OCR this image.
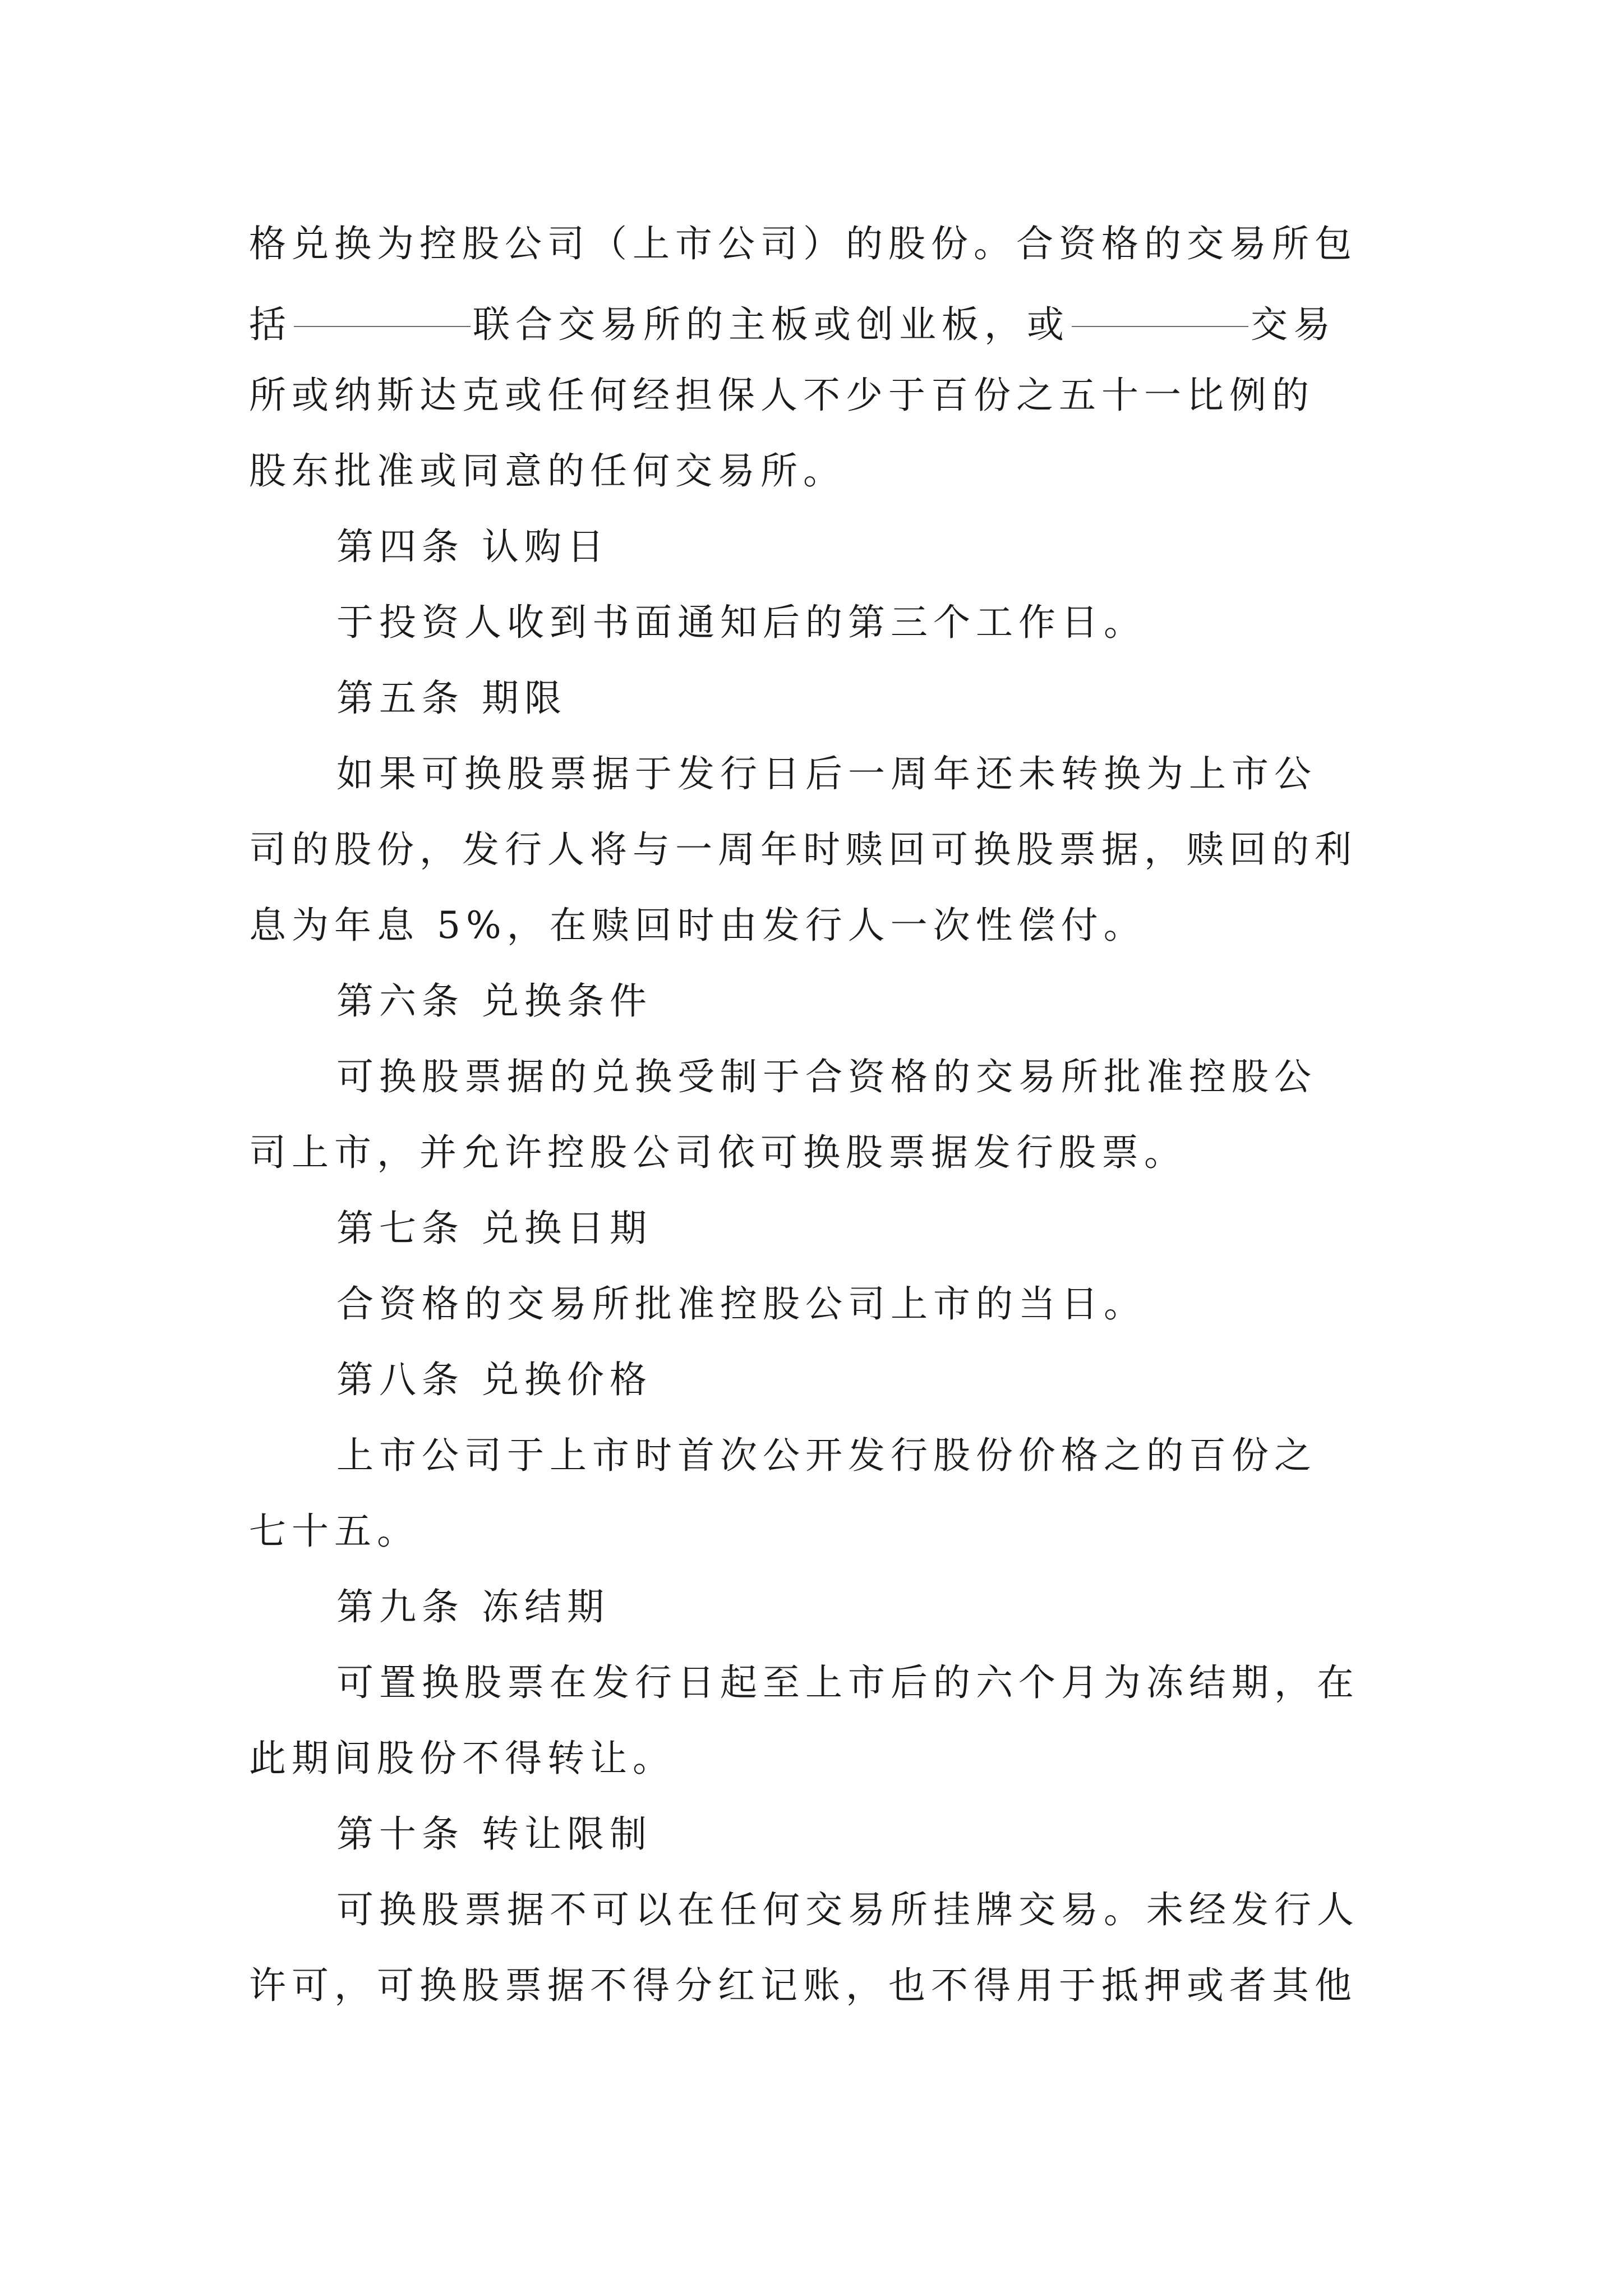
格兑换为控股公司（上市公司）的股份。合资格的交易所包
括	联合交易所的主板或创业板，或	交易
所或纳斯达克或任何经担保人不少于百份之五十一比例的
股东批准或同意的任何交易所。
第四条 认购日
于投资人收到书面通知后的第三个工作日。
第五条 期限
如果可换股票据于发行日后一周年还未转换为上市公
司的股份，发行人将与一周年时赎回可换股票据，赎回的利
息为年息 5%，在赎回时由发行人一次性偿付。
第六条 兑换条件
可换股票据的兑换受制于合资格的交易所批准控股公
司上市，并允许控股公司依可换股票据发行股票。
第七条 兑换日期
合资格的交易所批准控股公司上市的当日。
第八条 兑换价格
上市公司于上市时首次公开发行股份价格之的百份之
七十五。
第九条 冻结期
可置换股票在发行日起至上市后的六个月为冻结期，在
此期间股份不得转让。
第十条 转让限制
可换股票据不可以在任何交易所挂牌交易。未经发行人
许可，可换股票据不得分红记账，也不得用于抵押或者其他
